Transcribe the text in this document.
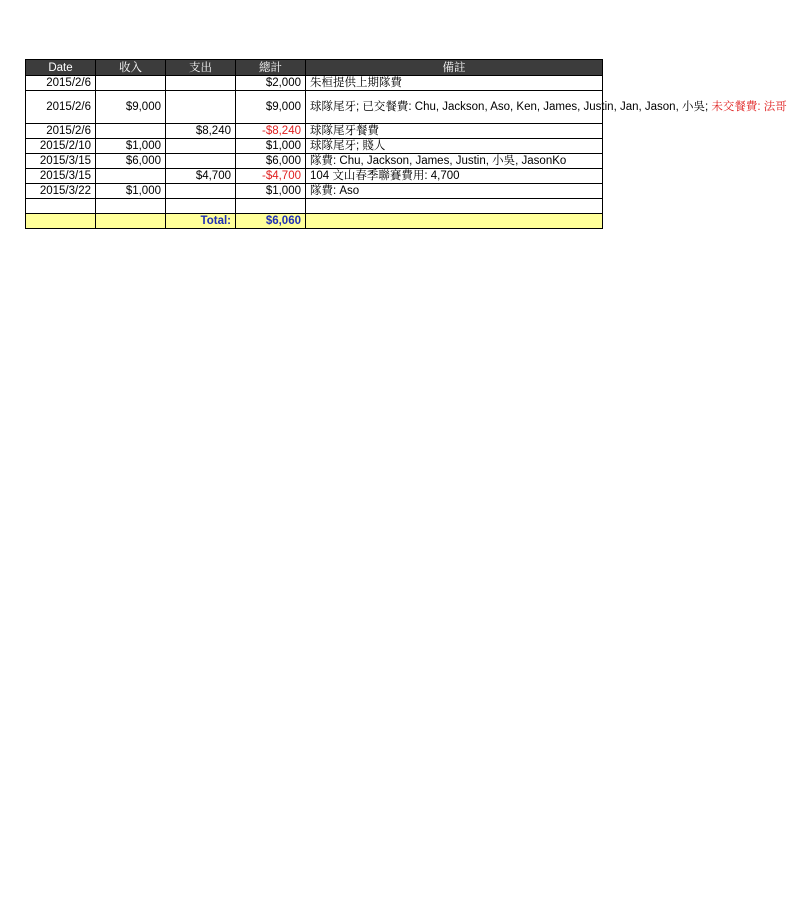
Date	收入	支出	總計	備註
2015/2/6			$2,000	朱桓提供上期隊費
2015/2/6	$9,000		$9,000	球隊尾牙; 已交餐費: Chu, Jackson, Aso, Ken, James, Justin, Jan, Jason, 小吳; 未交餐費: 法哥
2015/2/6		$8,240	-$8,240	球隊尾牙餐費
2015/2/10	$1,000		$1,000	球隊尾牙; 賤人
2015/3/15	$6,000		$6,000	隊費: Chu, Jackson, James, Justin, 小吳, JasonKo
2015/3/15		$4,700	-$4,700	104 文山春季聯賽費用: 4,700
2015/3/22	$1,000		$1,000	隊費: Aso

		Total:	$6,060	
